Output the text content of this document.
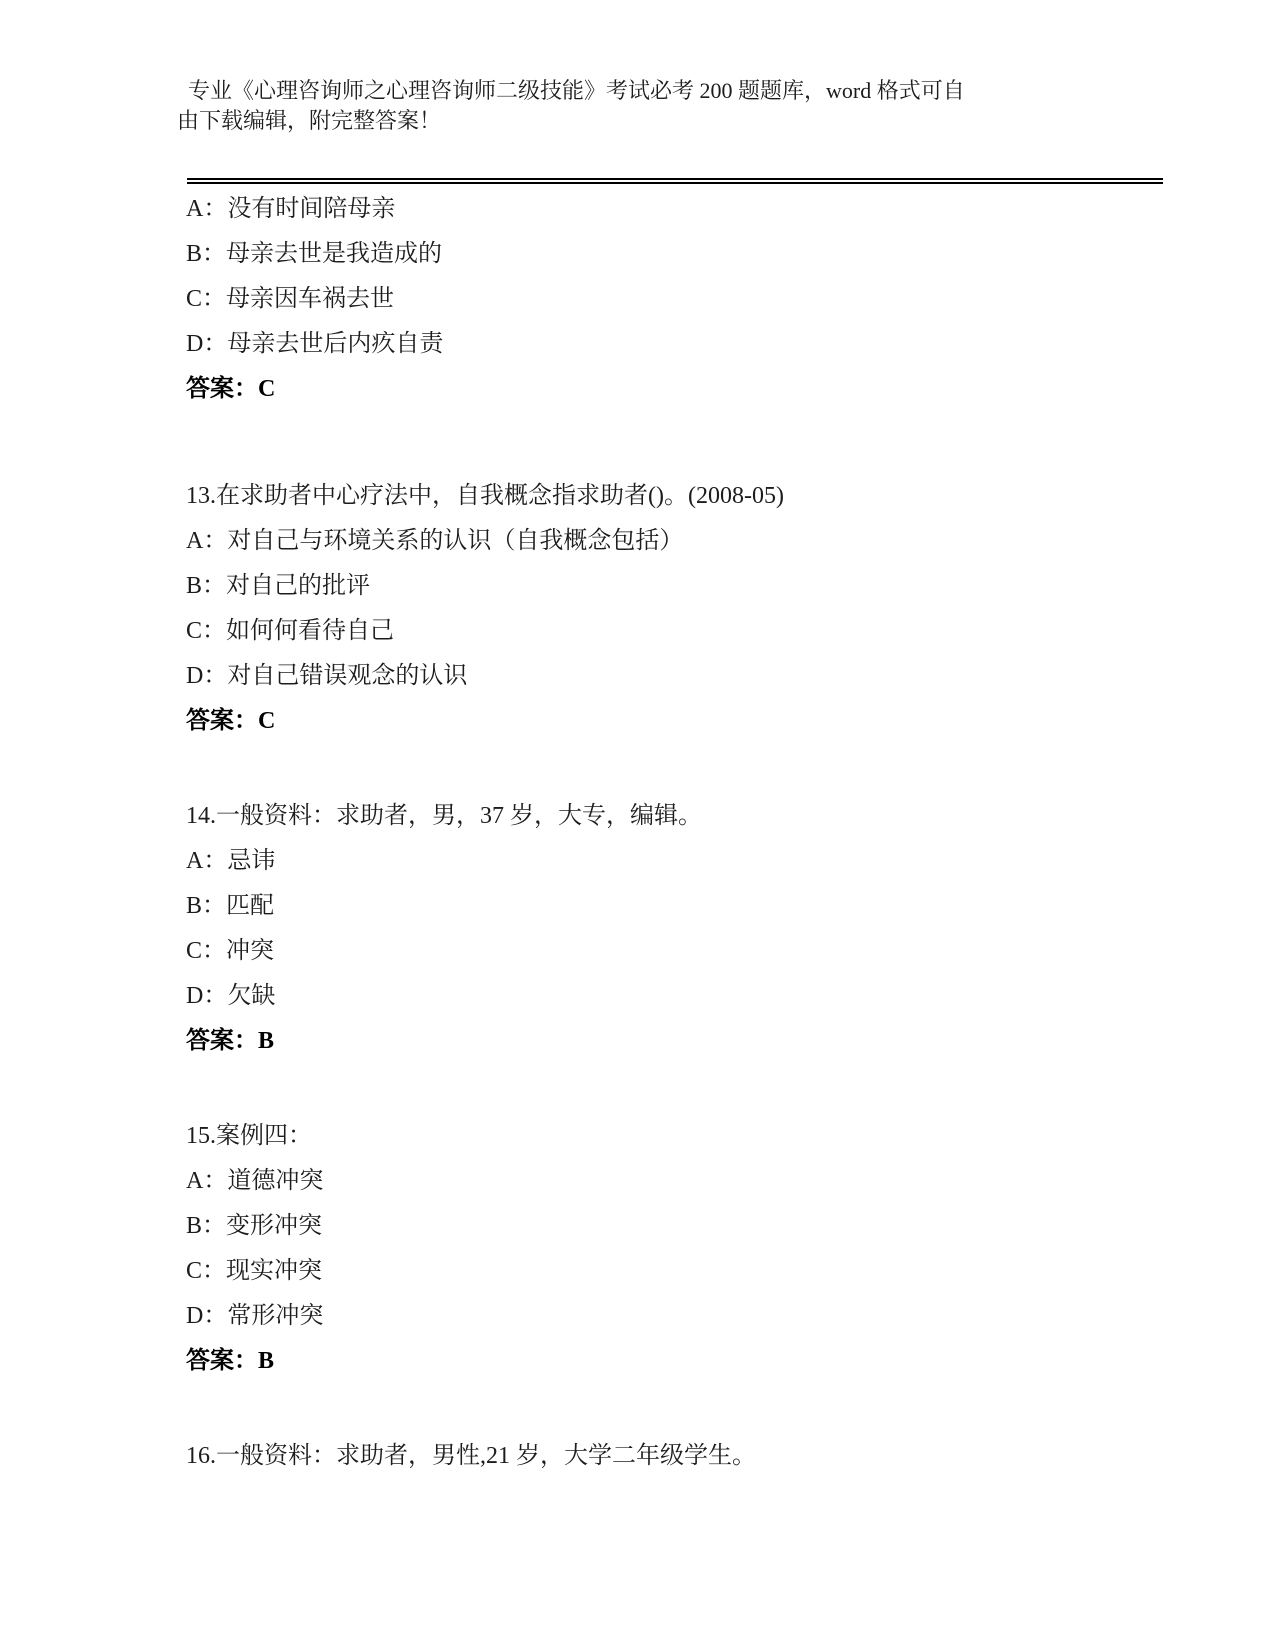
专业《心理咨询师之心理咨询师二级技能》考试必考 200 题题库，word 格式可自
由下载编辑，附完整答案！
A：没有时间陪母亲
B：母亲去世是我造成的
C：母亲因车祸去世
D：母亲去世后内疚自责
答案：C
13.在求助者中心疗法中，自我概念指求助者()。(2008-05)
A：对自己与环境关系的认识（自我概念包括）
B：对自己的批评
C：如何何看待自己
D：对自己错误观念的认识
答案：C
14.一般资料：求助者，男，37 岁，大专，编辑。
A：忌讳
B：匹配
C：冲突
D：欠缺
答案：B
15.案例四：
A：道德冲突
B：变形冲突
C：现实冲突
D：常形冲突
答案：B
16.一般资料：求助者，男性,21 岁，大学二年级学生。
